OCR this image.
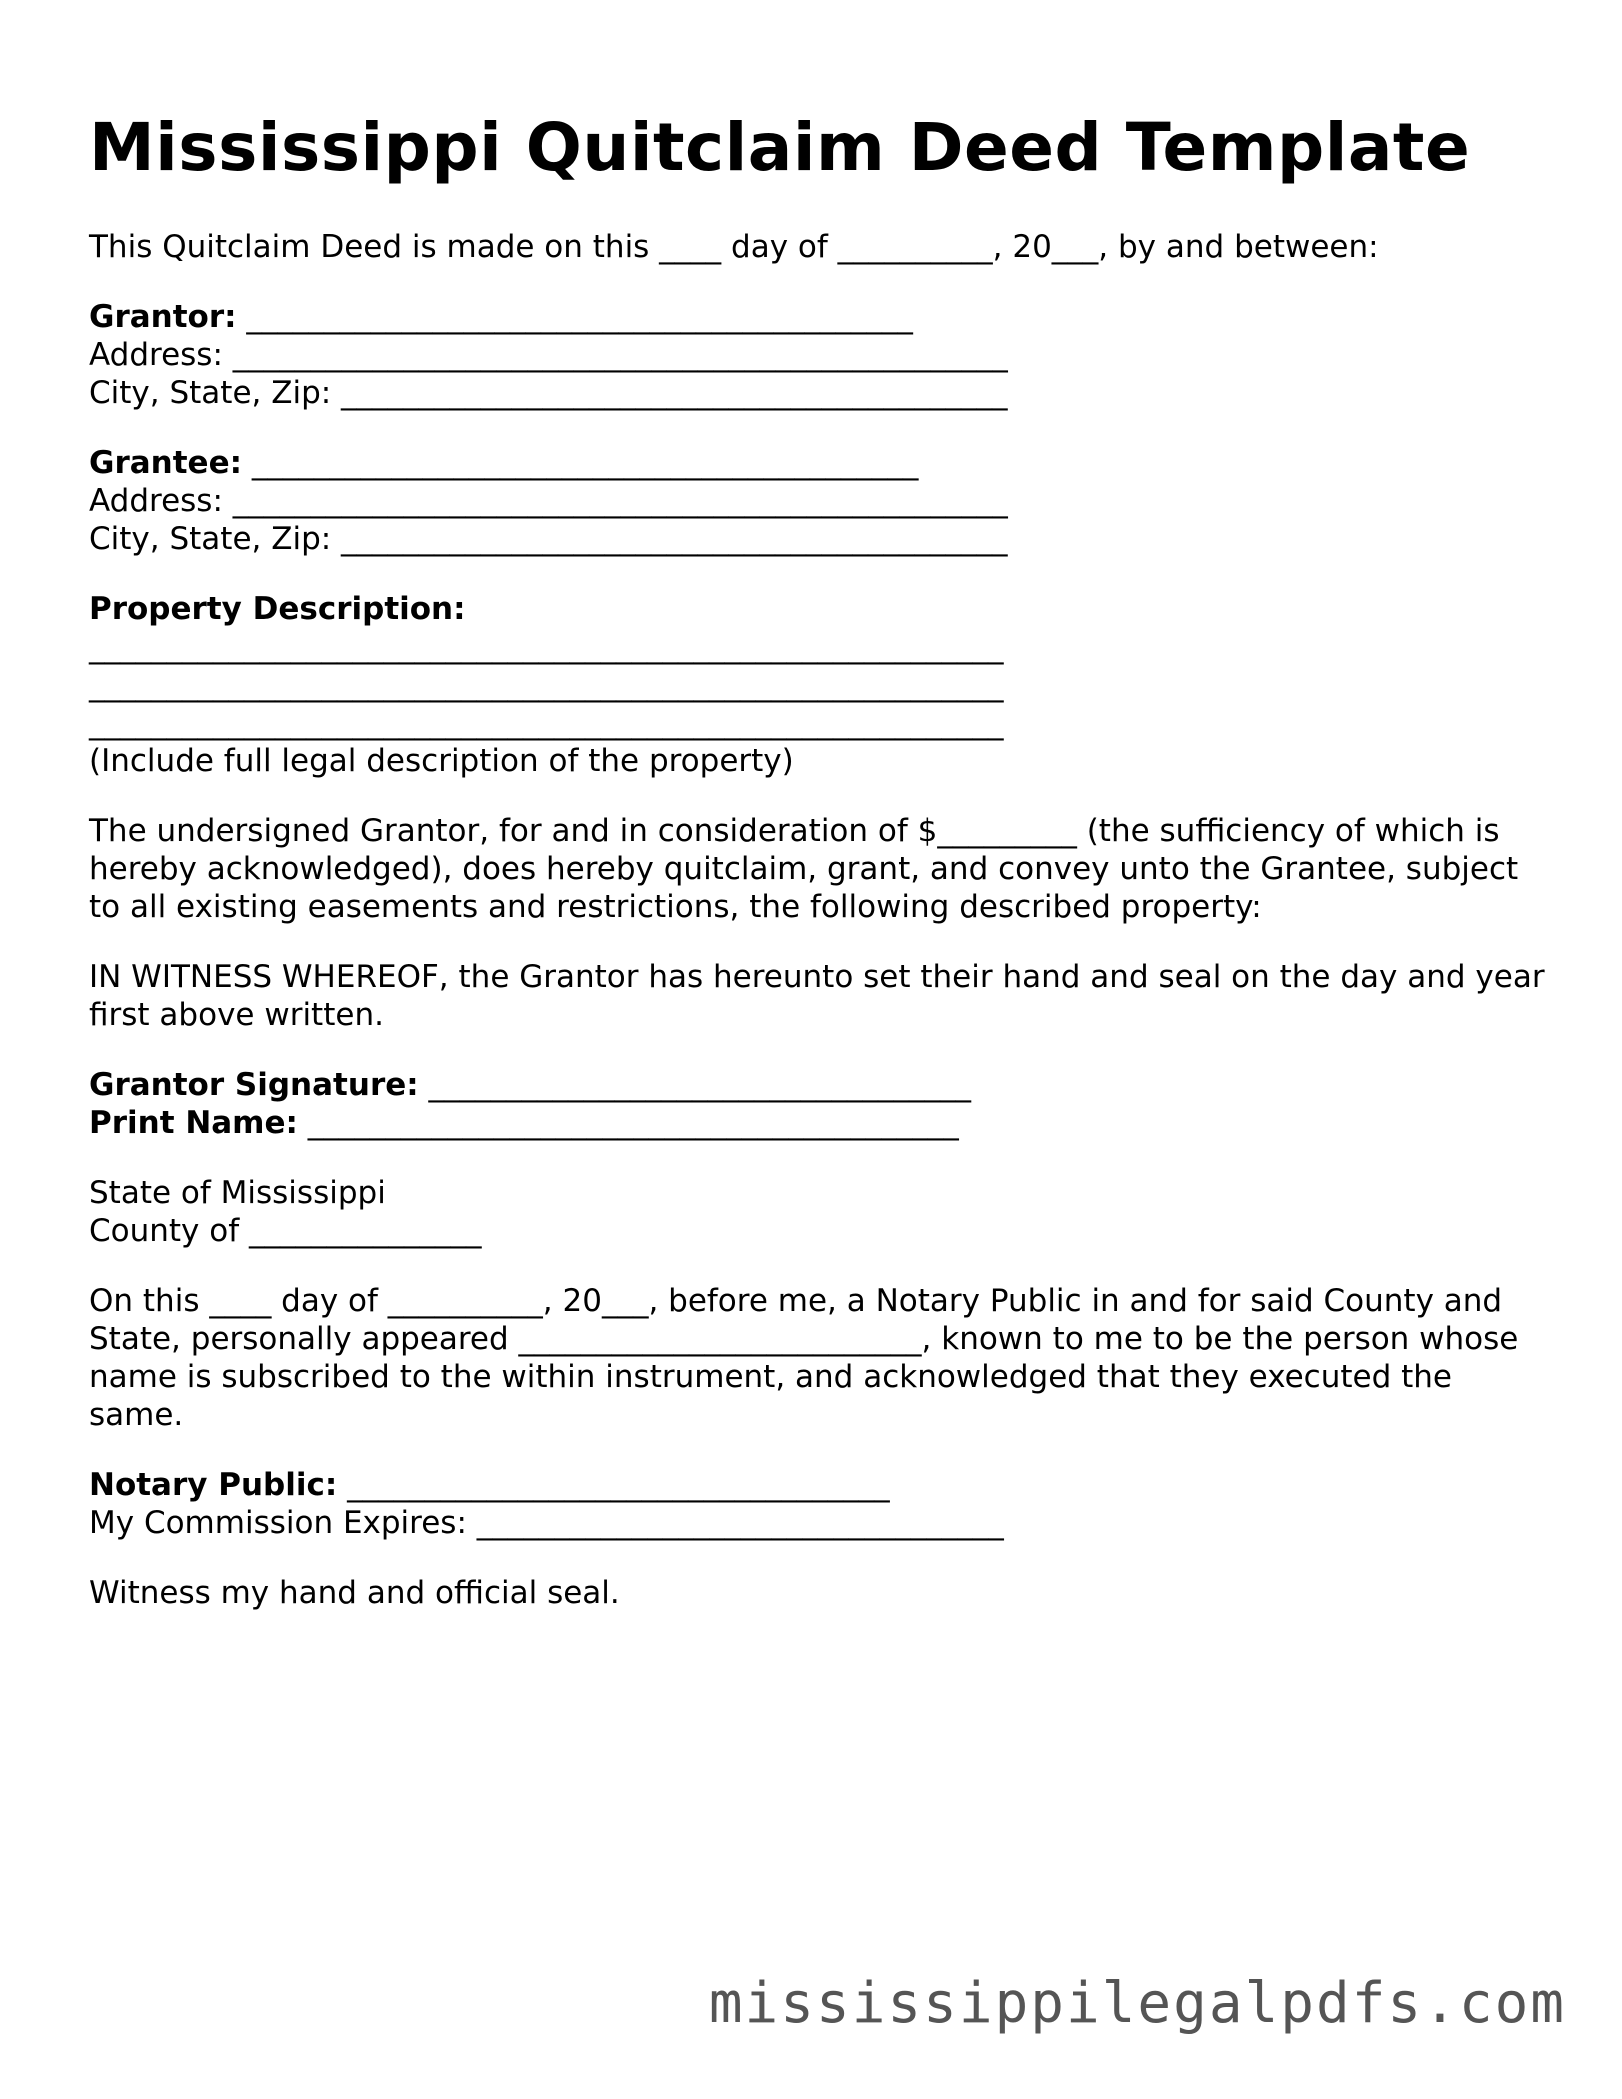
Mississippi Quitclaim Deed Template

This Quitclaim Deed is made on this ____ day of __________, 20___, by and between:

Grantor: ___________________________________________

Address: __________________________________________________

City, State, Zip: ___________________________________________

Grantee: ___________________________________________

Address: __________________________________________________

City, State, Zip: ___________________________________________

Property Description:

___________________________________________________________

___________________________________________________________

___________________________________________________________

(Include full legal description of the property)

The undersigned Grantor, for and in consideration of $_________ (the sufficiency of which is hereby acknowledged), does hereby quitclaim, grant, and convey unto the Grantee, subject to all existing easements and restrictions, the following described property:

IN WITNESS WHEREOF, the Grantor has hereunto set their hand and seal on the day and year first above written.

Grantor Signature: ___________________________________

Print Name: __________________________________________

State of Mississippi

County of _______________

On this ____ day of __________, 20___, before me, a Notary Public in and for said County and State, personally appeared __________________________, known to me to be the person whose name is subscribed to the within instrument, and acknowledged that they executed the same.

Notary Public: ___________________________________

My Commission Expires: __________________________________

Witness my hand and official seal.

mississippilegalpdfs.com
